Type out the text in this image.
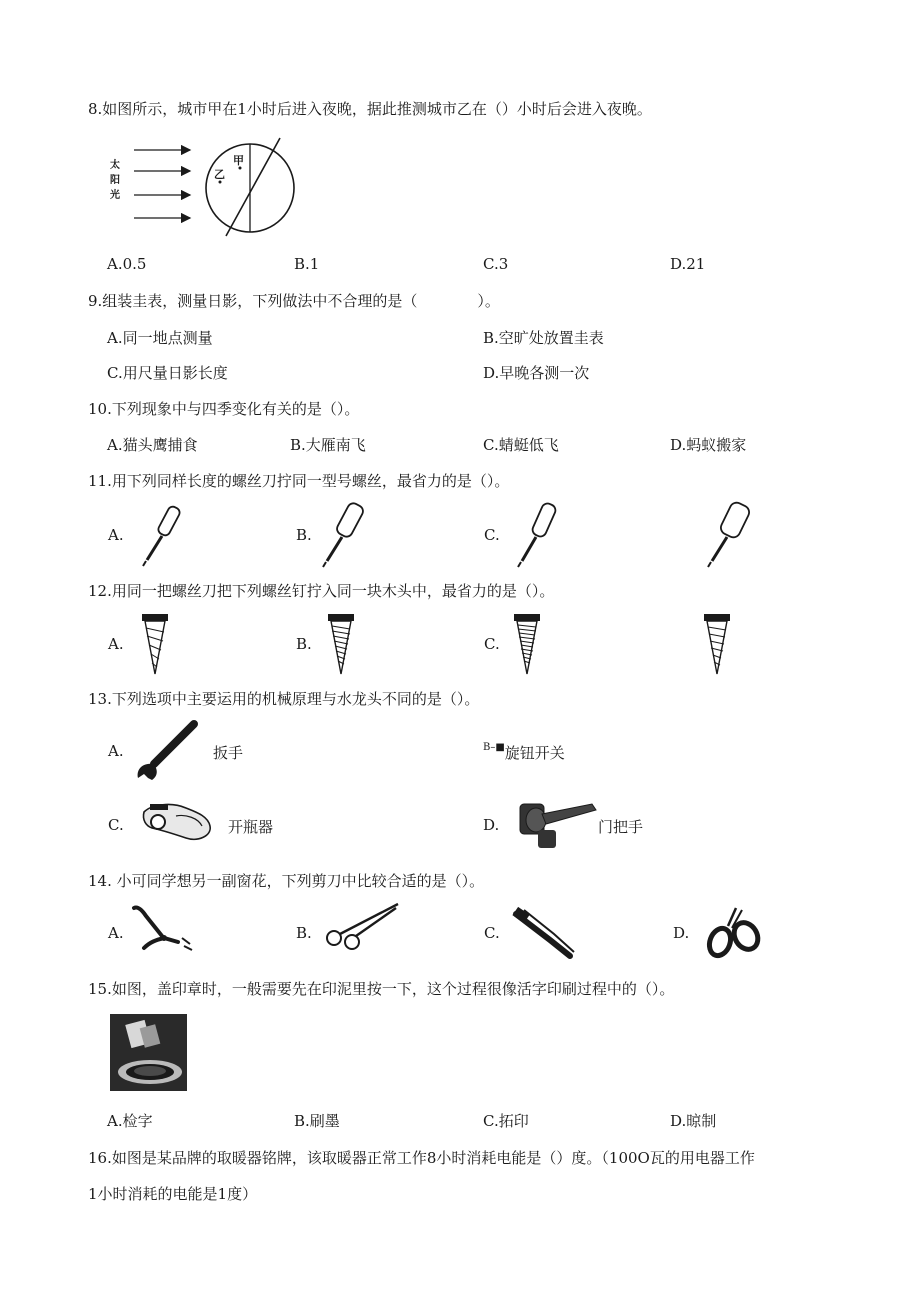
8.如图所示，城市甲在1小时后进入夜晚，据此推测城市乙在（）小时后会进入夜晚。
太
阳
光
甲
乙
A.0.5	B.1	C.3	D.21
9.组装圭表，测量日影，下列做法中不合理的是（　　　　）。
A.同一地点测量	B.空旷处放置圭表
C.用尺量日影长度	D.早晚各测一次
10.下列现象中与四季变化有关的是（）。
A.猫头鹰捕食	B.大雁南飞	C.蜻蜓低飞	D.蚂蚁搬家
11.用下列同样长度的螺丝刀拧同一型号螺丝，最省力的是（）。
A.	B.	C.
12.用同一把螺丝刀把下列螺丝钉拧入同一块木头中，最省力的是（）。
A.	B.	C.
13.下列选项中主要运用的机械原理与水龙头不同的是（）。
A.	扳手	$^{B-■}$旋钮开关
C.	开瓶器	D.	门把手
14. 小可同学想另一副窗花，下列剪刀中比较合适的是（）。
A.	B.	C.	D.
15.如图，盖印章时，一般需要先在印泥里按一下，这个过程很像活字印刷过程中的（）。
A.检字	B.刷墨	C.拓印	D.晾制
16.如图是某品牌的取暖器铭牌，该取暖器正常工作8小时消耗电能是（）度。（100O瓦的用电器工作
1小时消耗的电能是1度）
